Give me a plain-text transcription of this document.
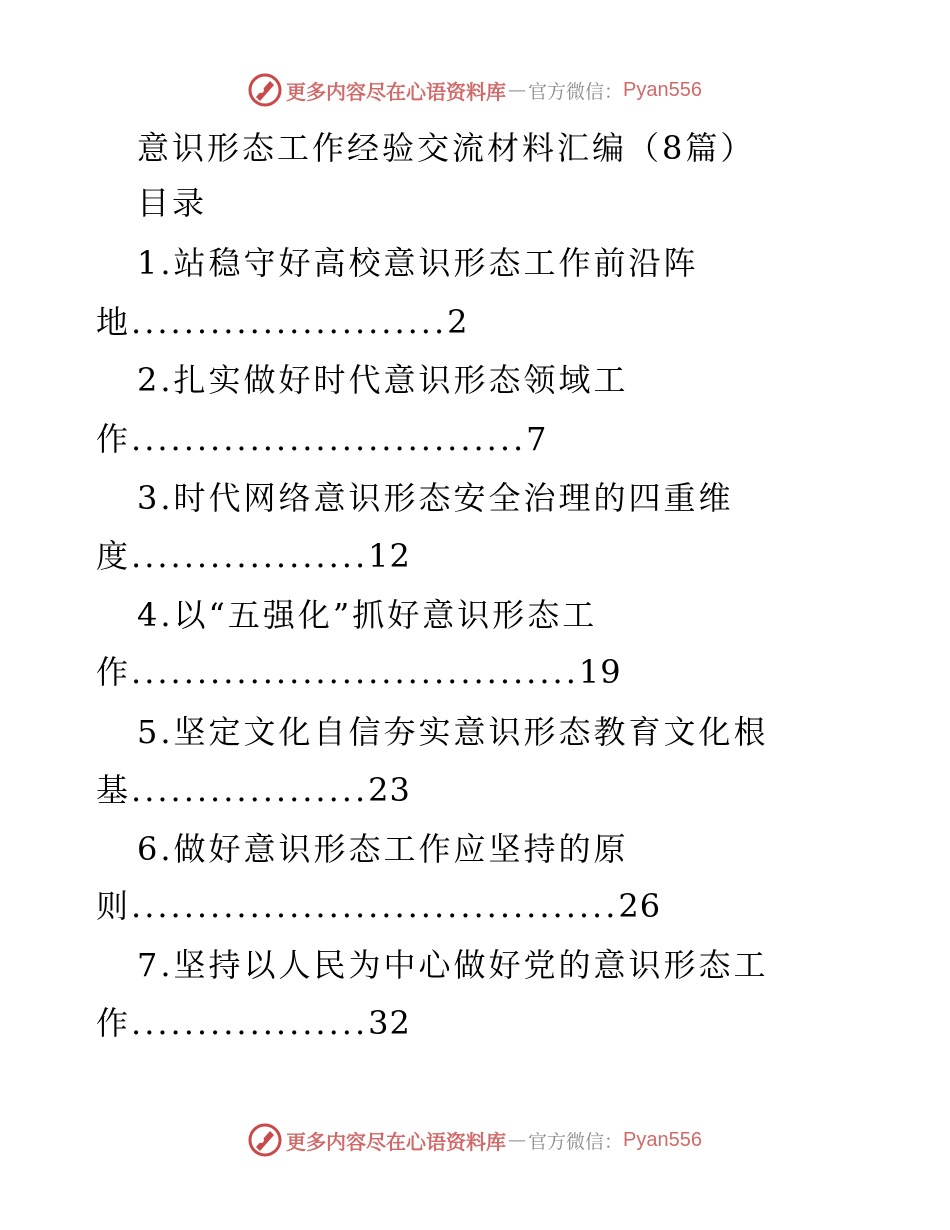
更多内容尽在心语资料库 — 官方微信： Pyan556
意识形态工作经验交流材料汇编（8篇）
目录
1.站稳守好高校意识形态工作前沿阵
地........................2
2.扎实做好时代意识形态领域工
作..............................7
3.时代网络意识形态安全治理的四重维
度..................12
4.以“五强化”抓好意识形态工
作..................................19
5.坚定文化自信夯实意识形态教育文化根
基..................23
6.做好意识形态工作应坚持的原
则.....................................26
7.坚持以人民为中心做好党的意识形态工
作..................32
更多内容尽在心语资料库 — 官方微信： Pyan556
